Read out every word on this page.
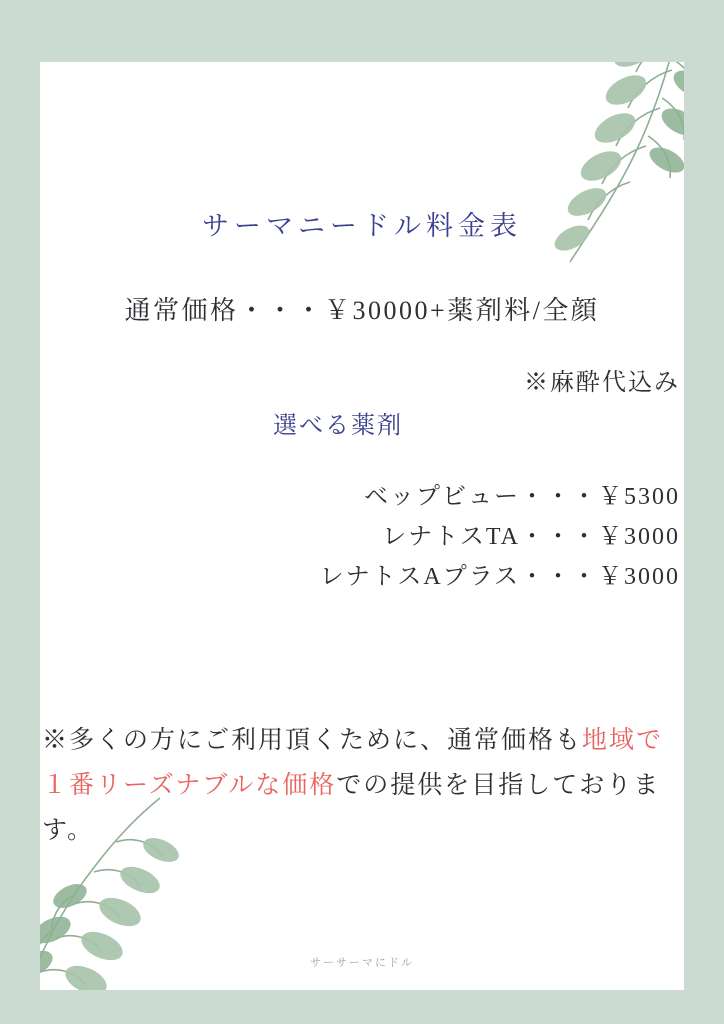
サーマニードル料金表
通常価格・・・￥30000+薬剤料/全顔
※麻酔代込み
選べる薬剤
ベップビュー・・・￥5300
レナトスTA・・・￥3000
レナトスAプラス・・・￥3000
※多くの方にご利用頂くために、通常価格も地域で１番リーズナブルな価格での提供を目指しております。
サーサーマにドル
